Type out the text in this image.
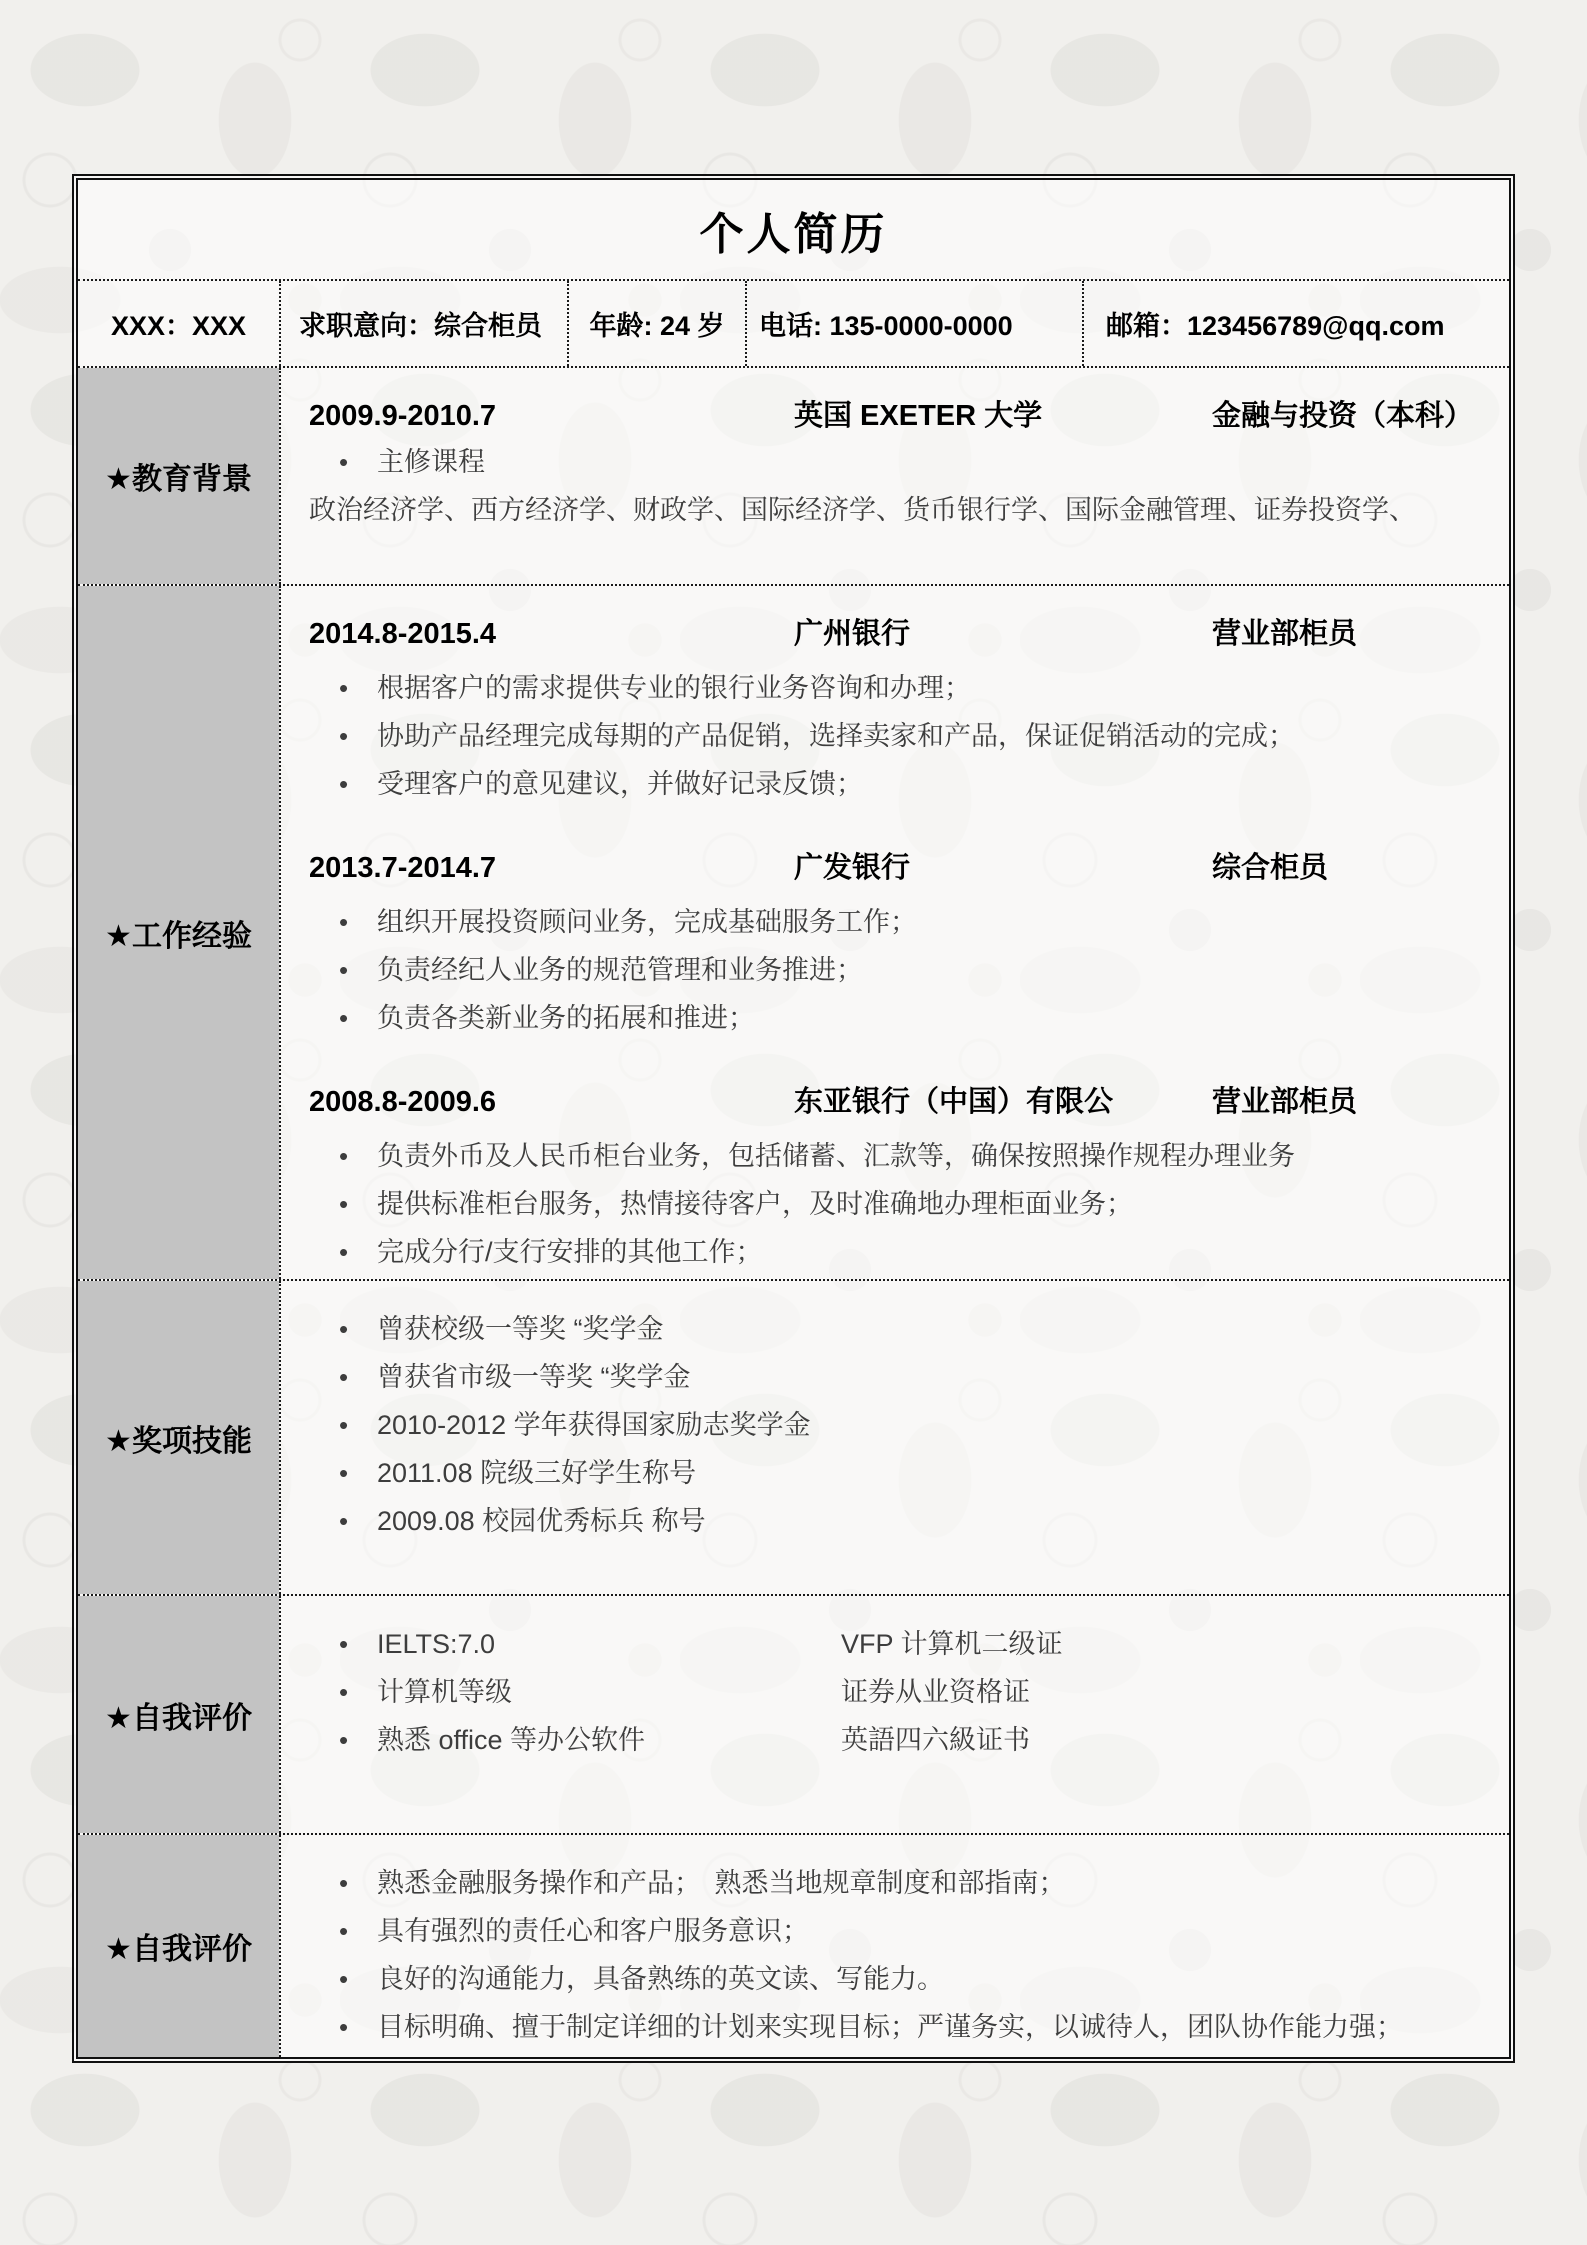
个人简历
XXX：XXX	求职意向：综合柜员	年龄: 24 岁	电话: 135-0000-0000	邮箱：123456789@qq.com
★教育背景
2009.9-2010.7	英国 EXETER 大学	金融与投资（本科）
• 主修课程
政治经济学、西方经济学、财政学、国际经济学、货币银行学、国际金融管理、证券投资学、
★工作经验
2014.8-2015.4	广州银行	营业部柜员
• 根据客户的需求提供专业的银行业务咨询和办理；
• 协助产品经理完成每期的产品促销，选择卖家和产品，保证促销活动的完成；
• 受理客户的意见建议，并做好记录反馈；
2013.7-2014.7	广发银行	综合柜员
• 组织开展投资顾问业务，完成基础服务工作；
• 负责经纪人业务的规范管理和业务推进；
• 负责各类新业务的拓展和推进；
2008.8-2009.6	东亚银行（中国）有限公	营业部柜员
• 负责外币及人民币柜台业务，包括储蓄、汇款等，确保按照操作规程办理业务
• 提供标准柜台服务，热情接待客户，及时准确地办理柜面业务；
• 完成分行/支行安排的其他工作；
★奖项技能
• 曾获校级一等奖 “奖学金
• 曾获省市级一等奖 “奖学金
• 2010-2012 学年获得国家励志奖学金
• 2011.08 院级三好学生称号
• 2009.08 校园优秀标兵 称号
★自我评价
• IELTS:7.0	VFP 计算机二级证
• 计算机等级	证券从业资格证
• 熟悉 office 等办公软件	英語四六級证书
★自我评价
• 熟悉金融服务操作和产品；　熟悉当地规章制度和部指南；
• 具有强烈的责任心和客户服务意识；
• 良好的沟通能力，具备熟练的英文读、写能力。
• 目标明确、擅于制定详细的计划来实现目标；严谨务实，以诚待人，团队协作能力强；
